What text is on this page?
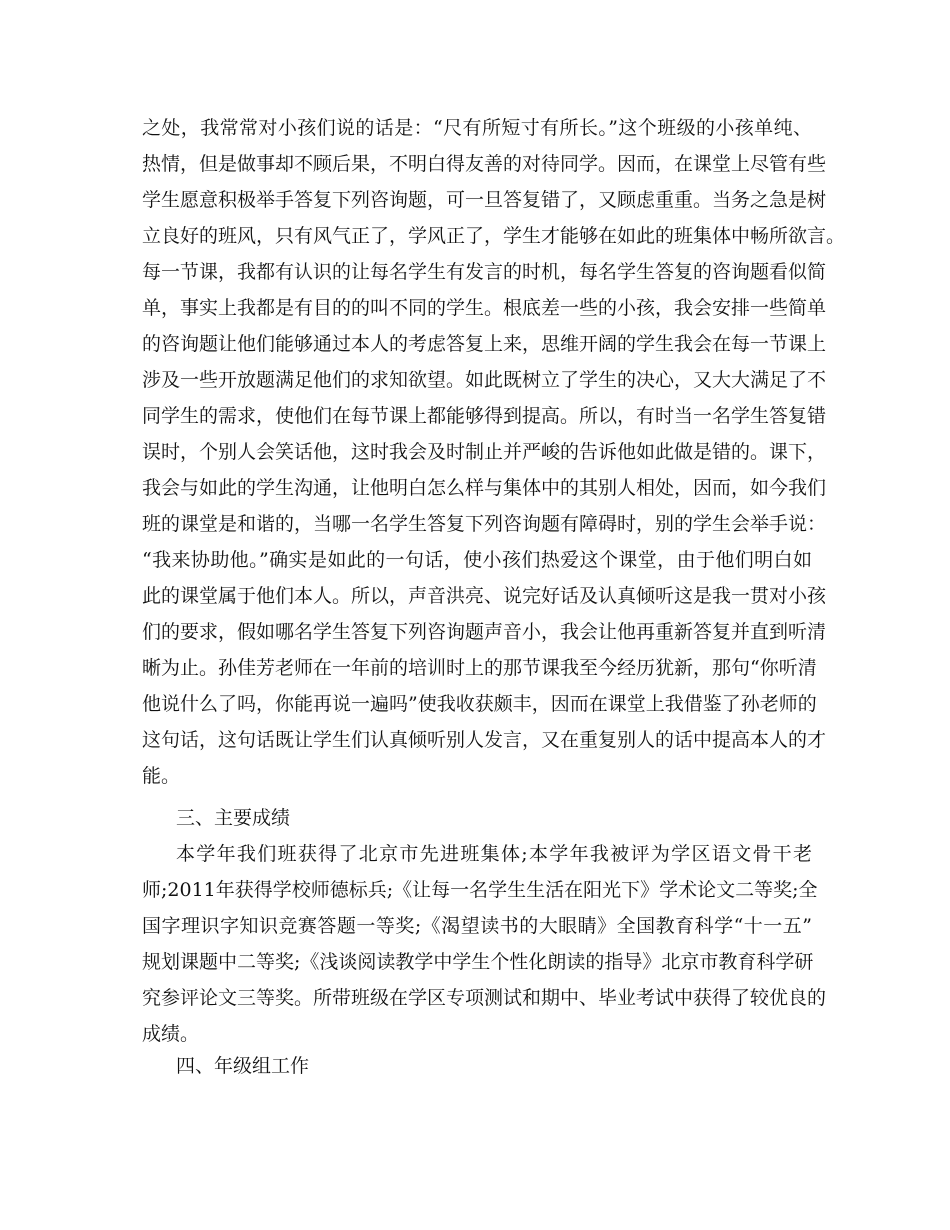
之处，我常常对小孩们说的话是：“尺有所短寸有所长。”这个班级的小孩单纯、
热情，但是做事却不顾后果，不明白得友善的对待同学。因而，在课堂上尽管有些
学生愿意积极举手答复下列咨询题，可一旦答复错了，又顾虑重重。当务之急是树
立良好的班风，只有风气正了，学风正了，学生才能够在如此的班集体中畅所欲言。
每一节课，我都有认识的让每名学生有发言的时机，每名学生答复的咨询题看似简
单，事实上我都是有目的的叫不同的学生。根底差一些的小孩，我会安排一些简单
的咨询题让他们能够通过本人的考虑答复上来，思维开阔的学生我会在每一节课上
涉及一些开放题满足他们的求知欲望。如此既树立了学生的决心，又大大满足了不
同学生的需求，使他们在每节课上都能够得到提高。所以，有时当一名学生答复错
误时，个别人会笑话他，这时我会及时制止并严峻的告诉他如此做是错的。课下，
我会与如此的学生沟通，让他明白怎么样与集体中的其别人相处，因而，如今我们
班的课堂是和谐的，当哪一名学生答复下列咨询题有障碍时，别的学生会举手说：
“我来协助他。”确实是如此的一句话，使小孩们热爱这个课堂，由于他们明白如
此的课堂属于他们本人。所以，声音洪亮、说完好话及认真倾听这是我一贯对小孩
们的要求，假如哪名学生答复下列咨询题声音小，我会让他再重新答复并直到听清
晰为止。孙佳芳老师在一年前的培训时上的那节课我至今经历犹新，那句“你听清
他说什么了吗，你能再说一遍吗”使我收获颇丰，因而在课堂上我借鉴了孙老师的
这句话，这句话既让学生们认真倾听别人发言，又在重复别人的话中提高本人的才
能。
三、主要成绩
本学年我们班获得了北京市先进班集体;本学年我被评为学区语文骨干老
师;2011年获得学校师德标兵;《让每一名学生生活在阳光下》学术论文二等奖;全
国字理识字知识竞赛答题一等奖;《渴望读书的大眼睛》全国教育科学“十一五”
规划课题中二等奖;《浅谈阅读教学中学生个性化朗读的指导》北京市教育科学研
究参评论文三等奖。所带班级在学区专项测试和期中、毕业考试中获得了较优良的
成绩。
四、年级组工作
